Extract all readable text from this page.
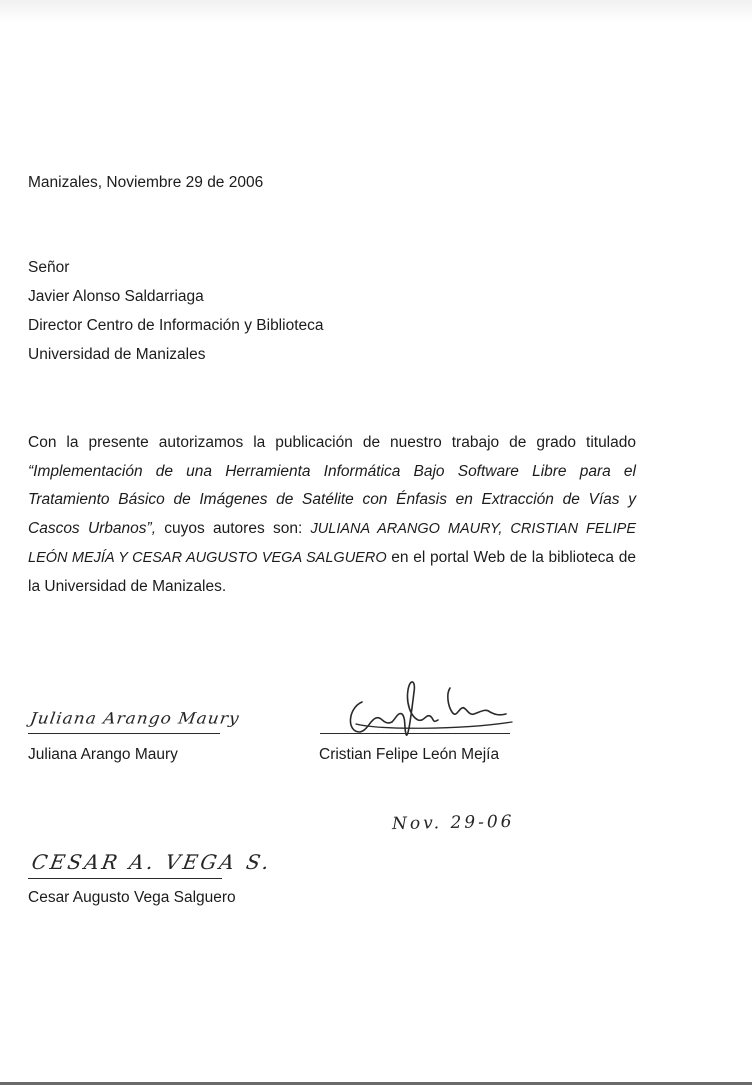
Manizales, Noviembre 29 de 2006
Señor
Javier Alonso Saldarriaga
Director Centro de Información y Biblioteca
Universidad de Manizales
Con la presente autorizamos la publicación de nuestro trabajo de grado titulado “Implementación de una Herramienta Informática Bajo Software Libre para el Tratamiento Básico de Imágenes de Satélite con Énfasis en Extracción de Vías y Cascos Urbanos”, cuyos autores son: JULIANA ARANGO MAURY, CRISTIAN FELIPE LEÓN MEJÍA Y CESAR AUGUSTO VEGA SALGUERO en el portal Web de la biblioteca de la Universidad de Manizales.
Juliana Arango Maury
Juliana Arango Maury	Cristian Felipe León Mejía
Nov. 29-06
CESAR A. VEGA S.
Cesar Augusto Vega Salguero
